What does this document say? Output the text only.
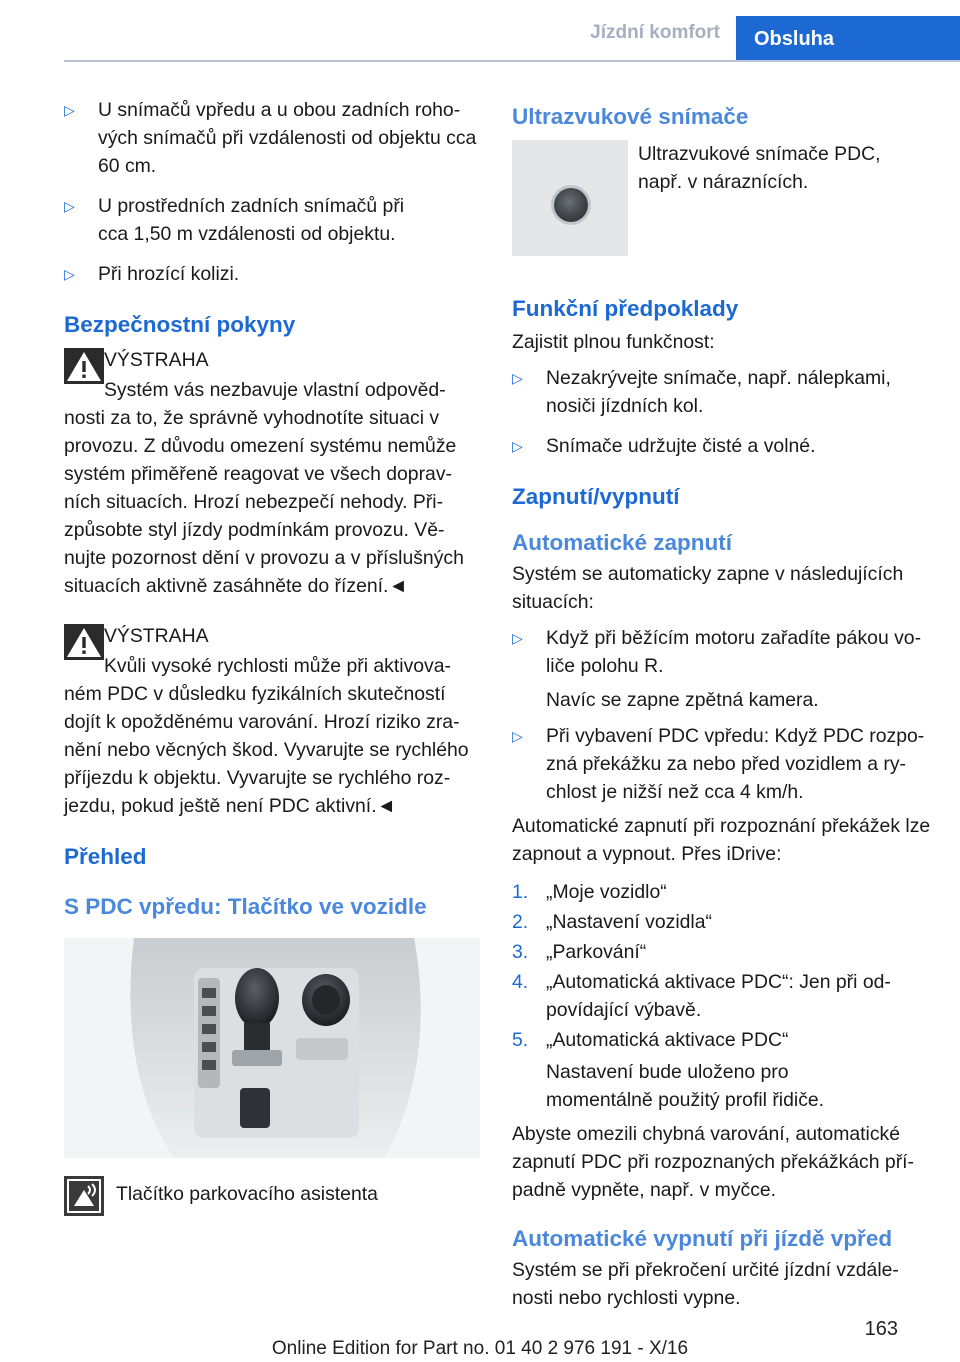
Jízdní komfort	Obsluha
▷ U snímačů vpředu a u obou zadních roho-vých snímačů při vzdálenosti od objektu cca 60 cm.
▷ U prostředních zadních snímačů při cca 1,50 m vzdálenosti od objektu.
▷ Při hrozící kolizi.
Bezpečnostní pokyny
VÝSTRAHA
Systém vás nezbavuje vlastní odpověd-
nosti za to, že správně vyhodnotíte situaci v provozu. Z důvodu omezení systému nemůže systém přiměřeně reagovat ve všech doprav-ních situacích. Hrozí nebezpečí nehody. Při-způsobte styl jízdy podmínkám provozu. Vě-nujte pozornost dění v provozu a v příslušných situacích aktivně zasáhněte do řízení.◄
VÝSTRAHA
Kvůli vysoké rychlosti může při aktivova-
ném PDC v důsledku fyzikálních skutečností dojít k opožděnému varování. Hrozí riziko zra-nění nebo věcných škod. Vyvarujte se rychlého příjezdu k objektu. Vyvarujte se rychlého roz-jezdu, pokud ještě není PDC aktivní.◄
Přehled
S PDC vpředu: Tlačítko ve vozidle
Tlačítko parkovacího asistenta
Ultrazvukové snímače
Ultrazvukové snímače PDC, např. v náraznících.
Funkční předpoklady
Zajistit plnou funkčnost:
▷ Nezakrývejte snímače, např. nálepkami, nosiči jízdních kol.
▷ Snímače udržujte čisté a volné.
Zapnutí/vypnutí
Automatické zapnutí
Systém se automaticky zapne v následujících situacích:
▷ Když při běžícím motoru zařadíte pákou vo-liče polohu R.
Navíc se zapne zpětná kamera.
▷ Při vybavení PDC vpředu: Když PDC rozpo-zná překážku za nebo před vozidlem a ry-chlost je nižší než cca 4 km/h.
Automatické zapnutí při rozpoznání překážek lze zapnout a vypnout. Přes iDrive:
1. „Moje vozidlo“
2. „Nastavení vozidla“
3. „Parkování“
4. „Automatická aktivace PDC“: Jen při od-povídající výbavě.
5. „Automatická aktivace PDC“
Nastavení bude uloženo pro momentálně použitý profil řidiče.
Abyste omezili chybná varování, automatické zapnutí PDC při rozpoznaných překážkách pří-padně vypněte, např. v myčce.
Automatické vypnutí při jízdě vpřed
Systém se při překročení určité jízdní vzdále-nosti nebo rychlosti vypne.
163
Online Edition for Part no. 01 40 2 976 191 - X/16
